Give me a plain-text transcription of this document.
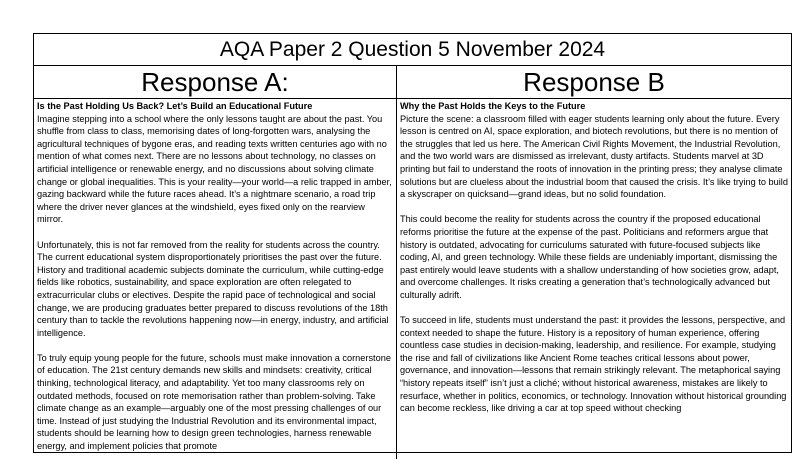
AQA Paper 2 Question 5 November 2024
Response A:	Response B
Is the Past Holding Us Back? Let’s Build an Educational Future

Imagine stepping into a school where the only lessons taught are about the past. You shuffle from class to class, memorising dates of long-forgotten wars, analysing the agricultural techniques of bygone eras, and reading texts written centuries ago with no mention of what comes next. There are no lessons about technology, no classes on artificial intelligence or renewable energy, and no discussions about solving climate change or global inequalities. This is your reality—your world—a relic trapped in amber, gazing backward while the future races ahead. It’s a nightmare scenario, a road trip where the driver never glances at the windshield, eyes fixed only on the rearview mirror.

Unfortunately, this is not far removed from the reality for students across the country. The current educational system disproportionately prioritises the past over the future. History and traditional academic subjects dominate the curriculum, while cutting-edge fields like robotics, sustainability, and space exploration are often relegated to extracurricular clubs or electives. Despite the rapid pace of technological and social change, we are producing graduates better prepared to discuss revolutions of the 18th century than to tackle the revolutions happening now—in energy, industry, and artificial intelligence.

To truly equip young people for the future, schools must make innovation a cornerstone of education. The 21st century demands new skills and mindsets: creativity, critical thinking, technological literacy, and adaptability. Yet too many classrooms rely on outdated methods, focused on rote memorisation rather than problem-solving. Take climate change as an example—arguably one of the most pressing challenges of our time. Instead of just studying the Industrial Revolution and its environmental impact, students should be learning how to design green technologies, harness renewable energy, and implement policies that promote

Why the Past Holds the Keys to the Future

Picture the scene: a classroom filled with eager students learning only about the future. Every lesson is centred on AI, space exploration, and biotech revolutions, but there is no mention of the struggles that led us here. The American Civil Rights Movement, the Industrial Revolution, and the two world wars are dismissed as irrelevant, dusty artifacts. Students marvel at 3D printing but fail to understand the roots of innovation in the printing press; they analyse climate solutions but are clueless about the industrial boom that caused the crisis. It’s like trying to build a skyscraper on quicksand—grand ideas, but no solid foundation.

This could become the reality for students across the country if the proposed educational reforms prioritise the future at the expense of the past. Politicians and reformers argue that history is outdated, advocating for curriculums saturated with future-focused subjects like coding, AI, and green technology. While these fields are undeniably important, dismissing the past entirely would leave students with a shallow understanding of how societies grow, adapt, and overcome challenges. It risks creating a generation that’s technologically advanced but culturally adrift.

To succeed in life, students must understand the past: it provides the lessons, perspective, and context needed to shape the future. History is a repository of human experience, offering countless case studies in decision-making, leadership, and resilience. For example, studying the rise and fall of civilizations like Ancient Rome teaches critical lessons about power, governance, and innovation—lessons that remain strikingly relevant. The metaphorical saying “history repeats itself” isn’t just a cliché; without historical awareness, mistakes are likely to resurface, whether in politics, economics, or technology. Innovation without historical grounding can become reckless, like driving a car at top speed without checking
